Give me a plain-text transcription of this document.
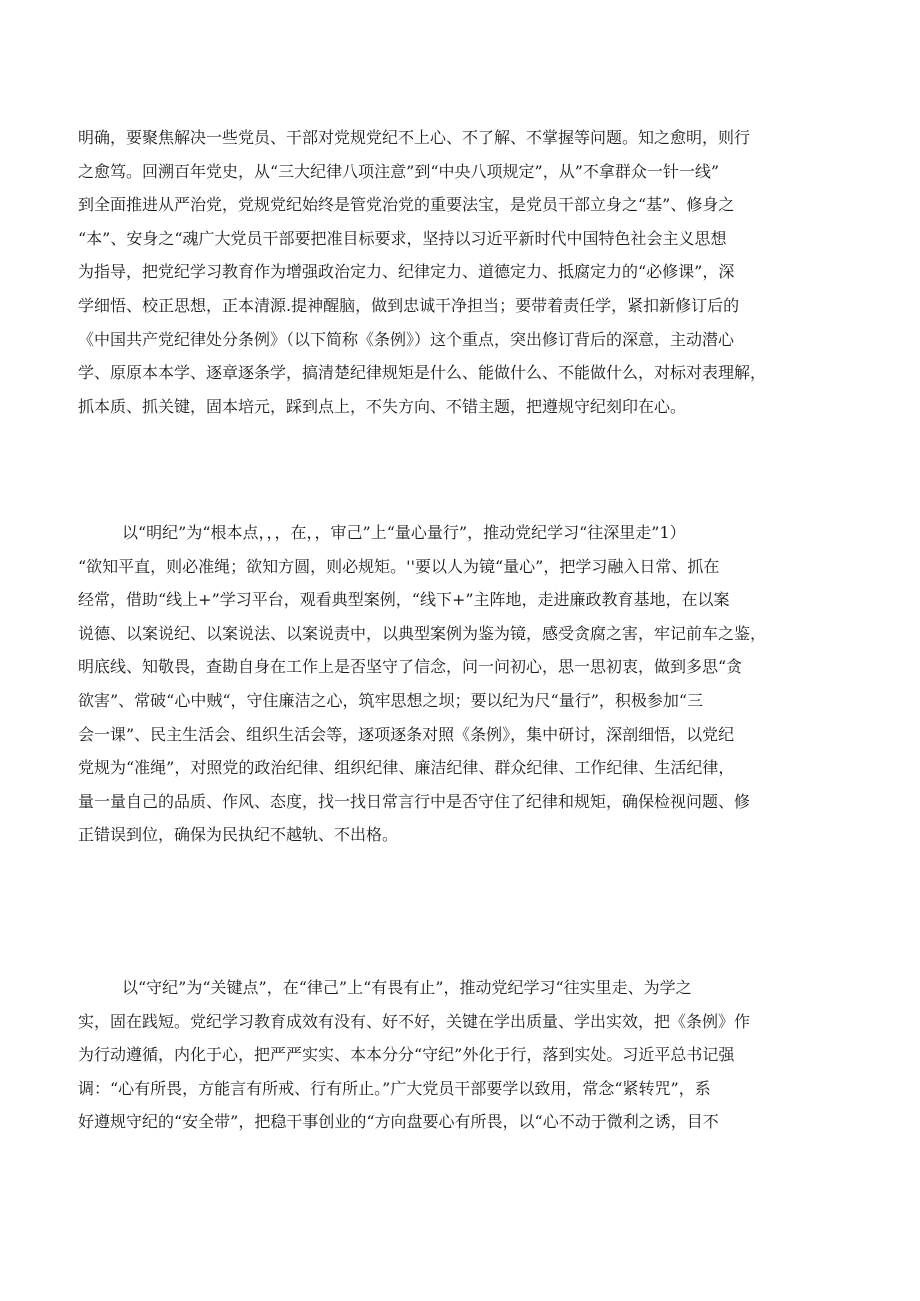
明确，要聚焦解决一些党员、干部对党规党纪不上心、不了解、不掌握等问题。知之愈明，则行
之愈笃。回溯百年党史，从“三大纪律八项注意”到“中央八项规定”，从”不拿群众一针一线”
到全面推进从严治党，党规党纪始终是管党治党的重要法宝，是党员干部立身之“基”、修身之
“本”、安身之“魂广大党员干部要把准目标要求，坚持以习近平新时代中国特色社会主义思想
为指导，把党纪学习教育作为增强政治定力、纪律定力、道德定力、抵腐定力的“必修课”，深
学细悟、校正思想，正本清源.提神醒脑，做到忠诚干净担当；要带着责任学，紧扣新修订后的
《中国共产党纪律处分条例》（以下简称《条例》）这个重点，突出修订背后的深意，主动潜心
学、原原本本学、逐章逐条学，搞清楚纪律规矩是什么、能做什么、不能做什么，对标对表理解，
抓本质、抓关键，固本培元，踩到点上，不失方向、不错主题，把遵规守纪刻印在心。
以“明纪”为“根本点，，，在，，审己”上“量心量行”，推动党纪学习“往深里走”1）
“欲知平直，则必准绳；欲知方圆，则必规矩。''要以人为镜“量心”，把学习融入日常、抓在
经常，借助“线上+”学习平台，观看典型案例，“线下+”主阵地，走进廉政教育基地，在以案
说德、以案说纪、以案说法、以案说责中，以典型案例为鉴为镜，感受贪腐之害，牢记前车之鉴，
明底线、知敬畏，查勘自身在工作上是否坚守了信念，问一问初心，思一思初衷，做到多思“贪
欲害”、常破“心中贼“，守住廉洁之心，筑牢思想之坝；要以纪为尺“量行”，积极参加“三
会一课”、民主生活会、组织生活会等，逐项逐条对照《条例》，集中研讨，深剖细悟，以党纪
党规为“准绳”，对照党的政治纪律、组织纪律、廉洁纪律、群众纪律、工作纪律、生活纪律，
量一量自己的品质、作风、态度，找一找日常言行中是否守住了纪律和规矩，确保检视问题、修
正错误到位，确保为民执纪不越轨、不出格。
以“守纪”为“关键点”，在“律己”上“有畏有止”，推动党纪学习“往实里走、为学之
实，固在践短。党纪学习教育成效有没有、好不好，关键在学出质量、学出实效，把《条例》作
为行动遵循，内化于心，把严严实实、本本分分“守纪”外化于行，落到实处。习近平总书记强
调：“心有所畏，方能言有所戒、行有所止。”广大党员干部要学以致用，常念“紧转咒”，系
好遵规守纪的“安全带”，把稳干事创业的“方向盘要心有所畏，以“心不动于微利之诱，目不
